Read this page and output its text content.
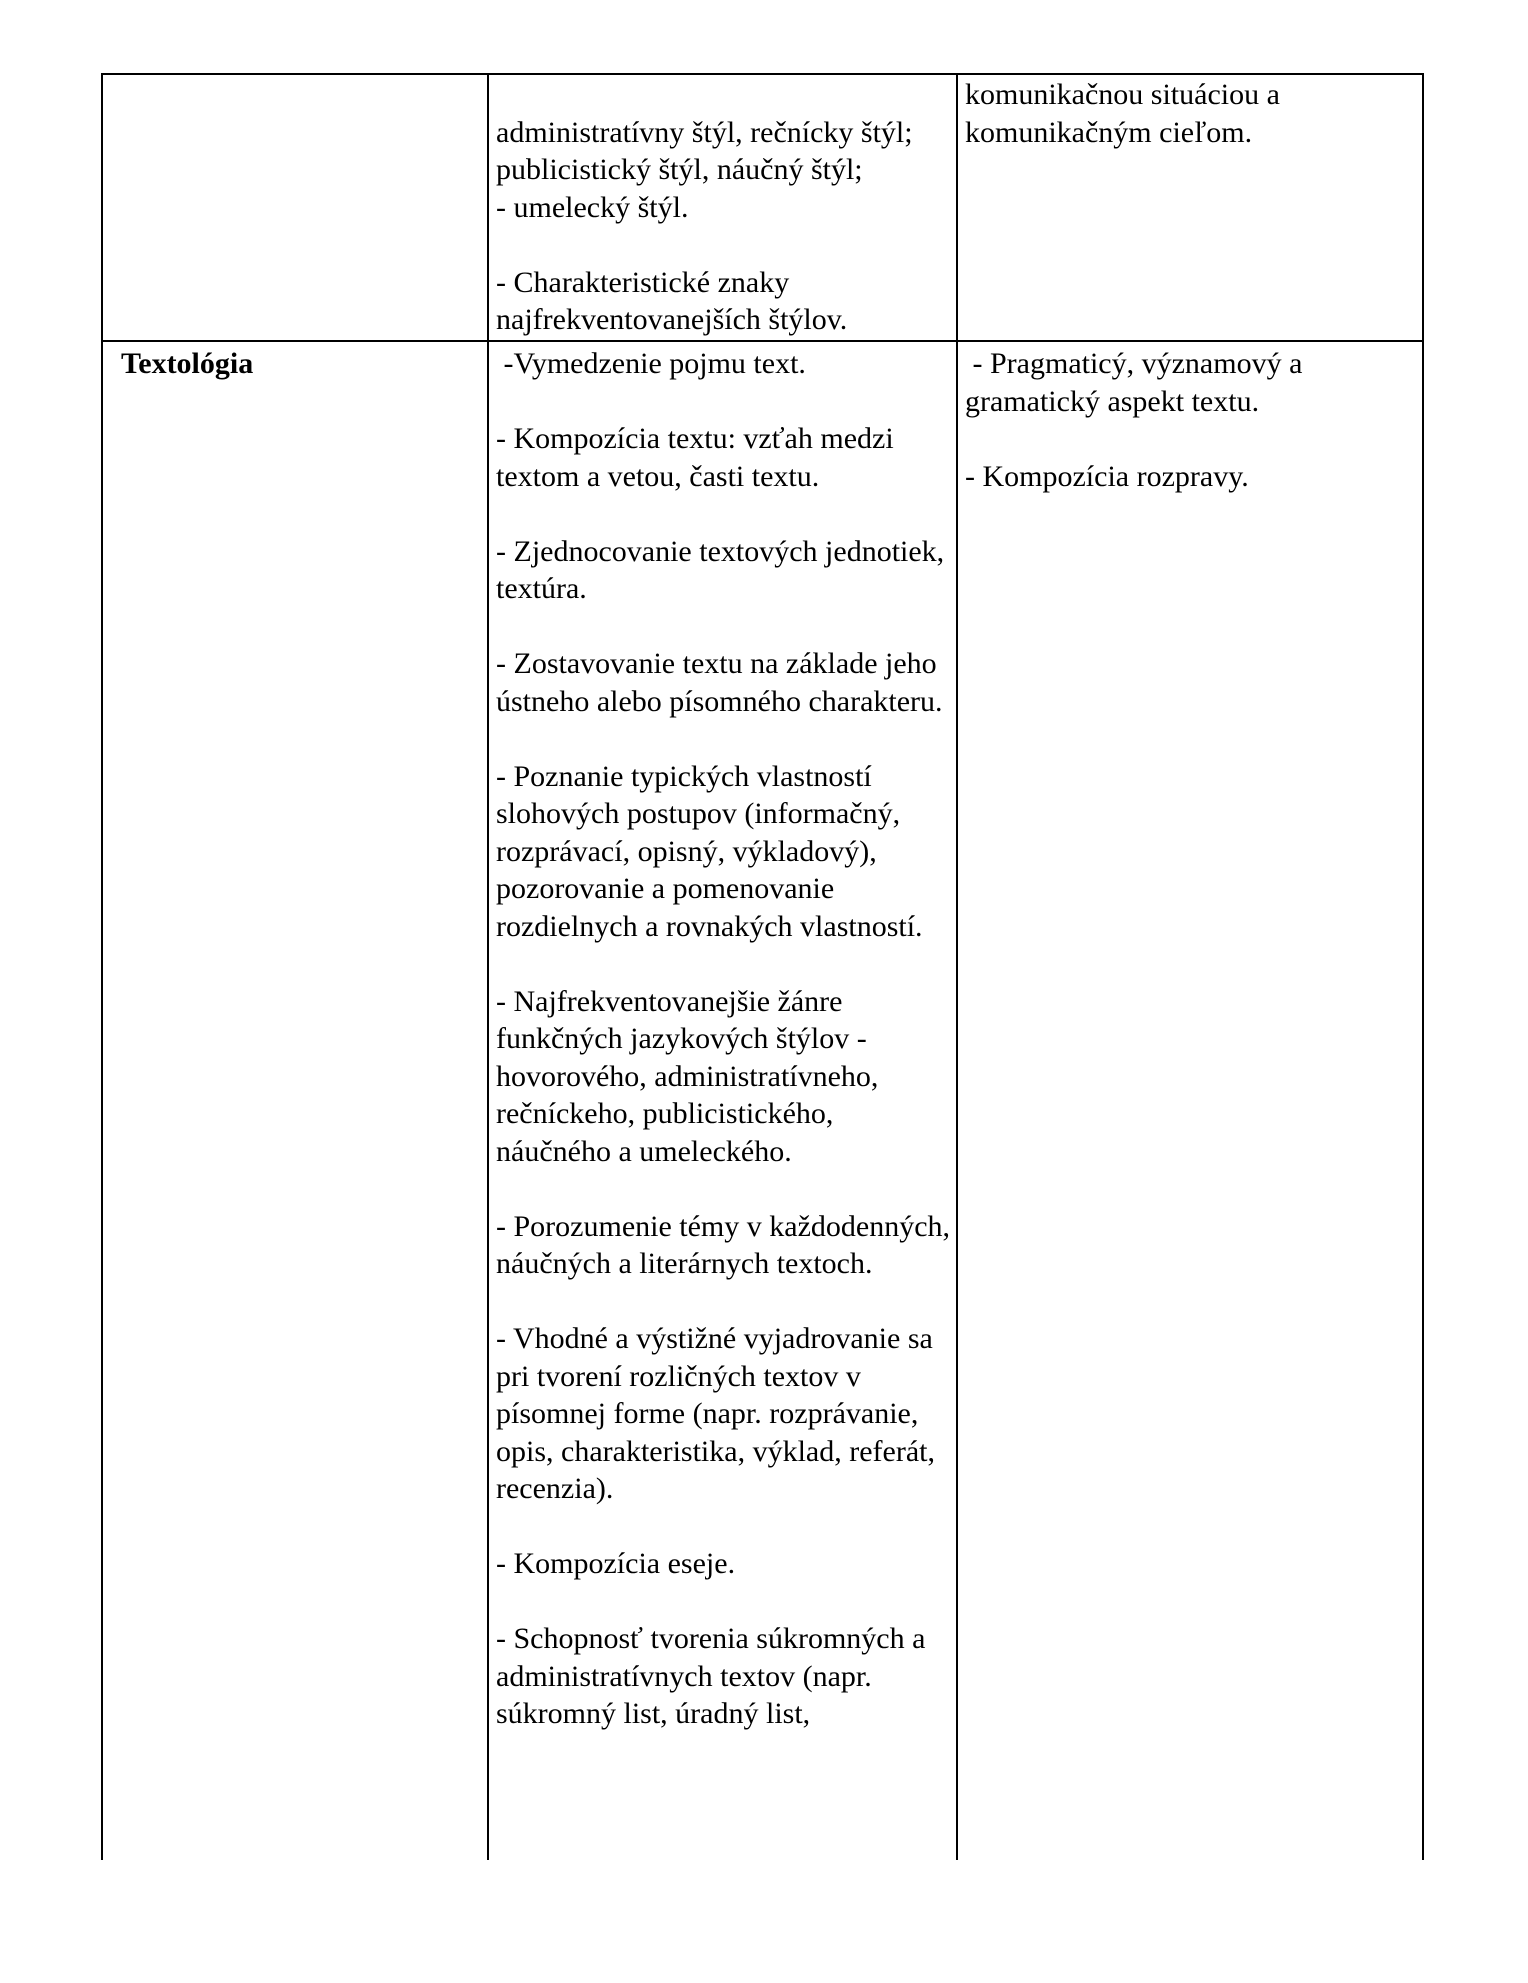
administratívny štýl, rečnícky štýl; publicistický štýl, náučný štýl;
- umelecký štýl.

- Charakteristické znaky najfrekventovanejších štýlov.

komunikačnou situáciou a komunikačným cieľom.

Textológia	-Vymedzenie pojmu text.

- Kompozícia textu: vzťah medzi textom a vetou, časti textu.

- Zjednocovanie textových jednotiek, textúra.

- Zostavovanie textu na základe jeho ústneho alebo písomného charakteru.

- Poznanie typických vlastností slohových postupov (informačný, rozprávací, opisný, výkladový), pozorovanie a pomenovanie rozdielnych a rovnakých vlastností.

- Najfrekventovanejšie žánre funkčných jazykových štýlov - hovorového, administratívneho, rečníckeho, publicistického, náučného a umeleckého.

- Porozumenie témy v každodenných, náučných a literárnych textoch.

- Vhodné a výstižné vyjadrovanie sa pri tvorení rozličných textov v písomnej forme (napr. rozprávanie, opis, charakteristika, výklad, referát, recenzia).

- Kompozícia eseje.

- Schopnosť tvorenia súkromných a administratívnych textov (napr. súkromný list, úradný list,

- Pragmaticý, významový a gramatický aspekt textu.

- Kompozícia rozpravy.
